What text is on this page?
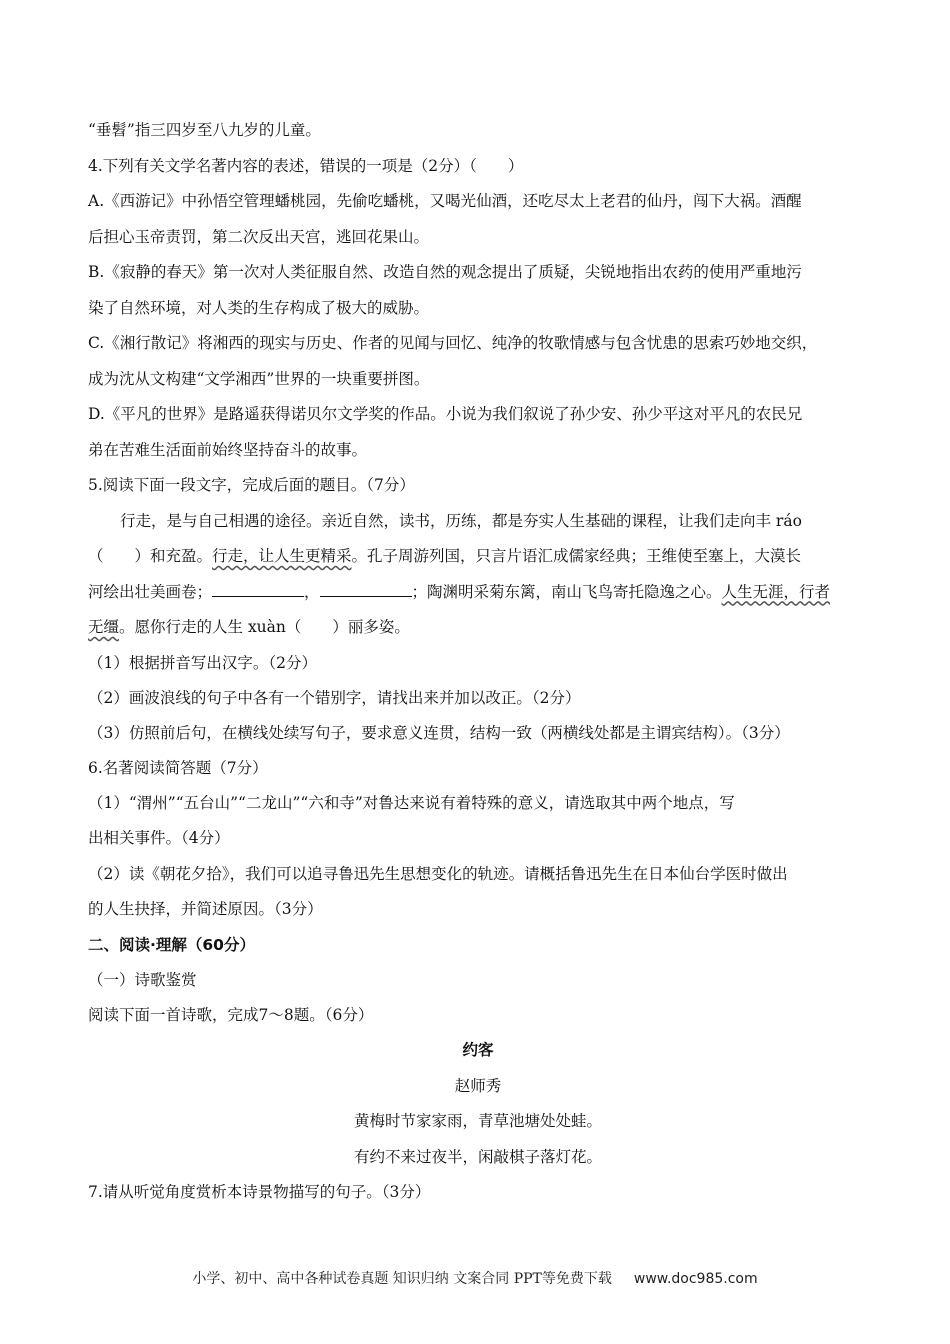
“垂髫”指三四岁至八九岁的儿童。
4.下列有关文学名著内容的表述，错误的一项是（2分）（　　）
A.《西游记》中孙悟空管理蟠桃园，先偷吃蟠桃，又喝光仙酒，还吃尽太上老君的仙丹，闯下大祸。酒醒
后担心玉帝责罚，第二次反出天宫，逃回花果山。
B.《寂静的春天》第一次对人类征服自然、改造自然的观念提出了质疑，尖锐地指出农药的使用严重地污
染了自然环境，对人类的生存构成了极大的威胁。
C.《湘行散记》将湘西的现实与历史、作者的见闻与回忆、纯净的牧歌情感与包含忧患的思索巧妙地交织，
成为沈从文构建“文学湘西”世界的一块重要拼图。
D.《平凡的世界》是路遥获得诺贝尔文学奖的作品。小说为我们叙说了孙少安、孙少平这对平凡的农民兄
弟在苦难生活面前始终坚持奋斗的故事。
5.阅读下面一段文字，完成后面的题目。（7分）
行走，是与自己相遇的途径。亲近自然，读书，历练，都是夯实人生基础的课程，让我们走向丰 ráo
（　　）和充盈。行走，让人生更精采。孔子周游列国，只言片语汇成儒家经典；王维使至塞上，大漠长
河绘出壮美画卷；	，	；陶渊明采菊东篱，南山飞鸟寄托隐逸之心。人生无涯，行者
无缰。愿你行走的人生 xuàn（　　）丽多姿。
（1）根据拼音写出汉字。（2分）
（2）画波浪线的句子中各有一个错别字，请找出来并加以改正。（2分）
（3）仿照前后句，在横线处续写句子，要求意义连贯，结构一致（两横线处都是主谓宾结构）。（3分）
6.名著阅读简答题（7分）
（1）“渭州”“五台山”“二龙山”“六和寺”对鲁达来说有着特殊的意义，请选取其中两个地点，写
出相关事件。（4分）
（2）读《朝花夕拾》，我们可以追寻鲁迅先生思想变化的轨迹。请概括鲁迅先生在日本仙台学医时做出
的人生抉择，并简述原因。（3分）
二、阅读·理解（60分）
（一）诗歌鉴赏
阅读下面一首诗歌，完成7～8题。（6分）
约客
赵师秀
黄梅时节家家雨，青草池塘处处蛙。
有约不来过夜半，闲敲棋子落灯花。
7.请从听觉角度赏析本诗景物描写的句子。（3分）
小学、初中、高中各种试卷真题 知识归纳 文案合同 PPT等免费下载 www.doc985.com
